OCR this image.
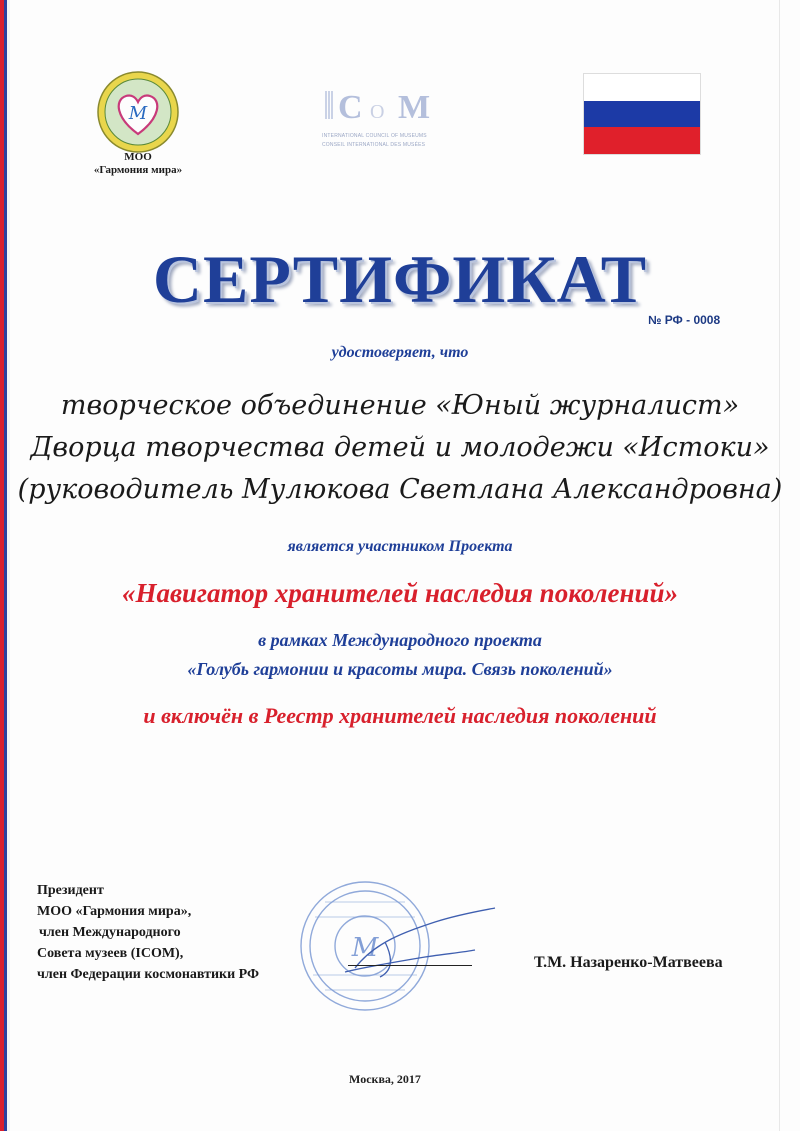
М
МОО
«Гармония мира»
C O M
INTERNATIONAL COUNCIL OF MUSEUMS
CONSEIL INTERNATIONAL DES MUSÉES
СЕРТИФИКАТ
№ РФ - 0008
удостоверяет, что
творческое объединение «Юный журналист»
Дворца творчества детей и молодежи «Истоки»
(руководитель Мулюкова Светлана Александровна)
является участником Проекта
«Навигатор хранителей наследия поколений»
в рамках Международного проекта
«Голубь гармонии и красоты мира. Связь поколений»
и включён в Реестр хранителей наследия поколений
Президент
МОО «Гармония мира»,
член Международного
Совета музеев (ICOM),
член Федерации космонавтики РФ
М	Т.М. Назаренко-Матвеева
Москва, 2017
